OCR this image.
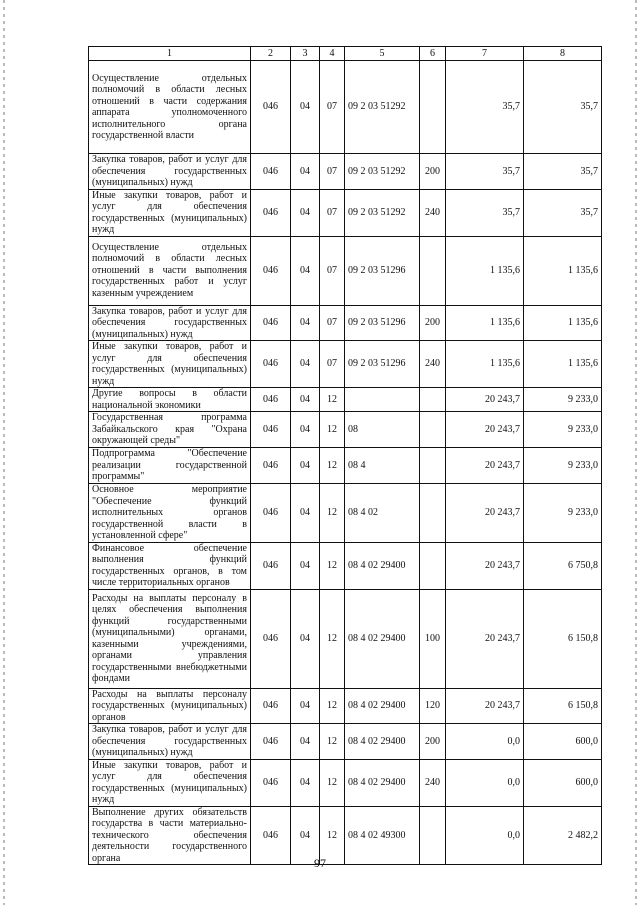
1	2	3	4	5	6	7	8
Осуществление отдельных полномочий в области лесных отношений в части содержания аппарата уполномоченного исполнительного органа государственной власти	046	04	07	09 2 03 51292		35,7	35,7
Закупка товаров, работ и услуг для обеспечения государственных (муниципальных) нужд	046	04	07	09 2 03 51292	200	35,7	35,7
Иные закупки товаров, работ и услуг для обеспечения государственных (муниципальных) нужд	046	04	07	09 2 03 51292	240	35,7	35,7
Осуществление отдельных полномочий в области лесных отношений в части выполнения государственных работ и услуг казенным учреждением	046	04	07	09 2 03 51296		1 135,6	1 135,6
Закупка товаров, работ и услуг для обеспечения государственных (муниципальных) нужд	046	04	07	09 2 03 51296	200	1 135,6	1 135,6
Иные закупки товаров, работ и услуг для обеспечения государственных (муниципальных) нужд	046	04	07	09 2 03 51296	240	1 135,6	1 135,6
Другие вопросы в области национальной экономики	046	04	12			20 243,7	9 233,0
Государственная программа Забайкальского края "Охрана окружающей среды"	046	04	12	08		20 243,7	9 233,0
Подпрограмма "Обеспечение реализации государственной программы"	046	04	12	08 4		20 243,7	9 233,0
Основное мероприятие "Обеспечение функций исполнительных органов государственной власти в установленной сфере"	046	04	12	08 4 02		20 243,7	9 233,0
Финансовое обеспечение выполнения функций государственных органов, в том числе территориальных органов	046	04	12	08 4 02 29400		20 243,7	6 750,8
Расходы на выплаты персоналу в целях обеспечения выполнения функций государственными (муниципальными) органами, казенными учреждениями, органами управления государственными внебюджетными фондами	046	04	12	08 4 02 29400	100	20 243,7	6 150,8
Расходы на выплаты персоналу государственных (муниципальных) органов	046	04	12	08 4 02 29400	120	20 243,7	6 150,8
Закупка товаров, работ и услуг для обеспечения государственных (муниципальных) нужд	046	04	12	08 4 02 29400	200	0,0	600,0
Иные закупки товаров, работ и услуг для обеспечения государственных (муниципальных) нужд	046	04	12	08 4 02 29400	240	0,0	600,0
Выполнение других обязательств государства в части материально-технического обеспечения деятельности государственного органа	046	04	12	08 4 02 49300		0,0	2 482,2
97
